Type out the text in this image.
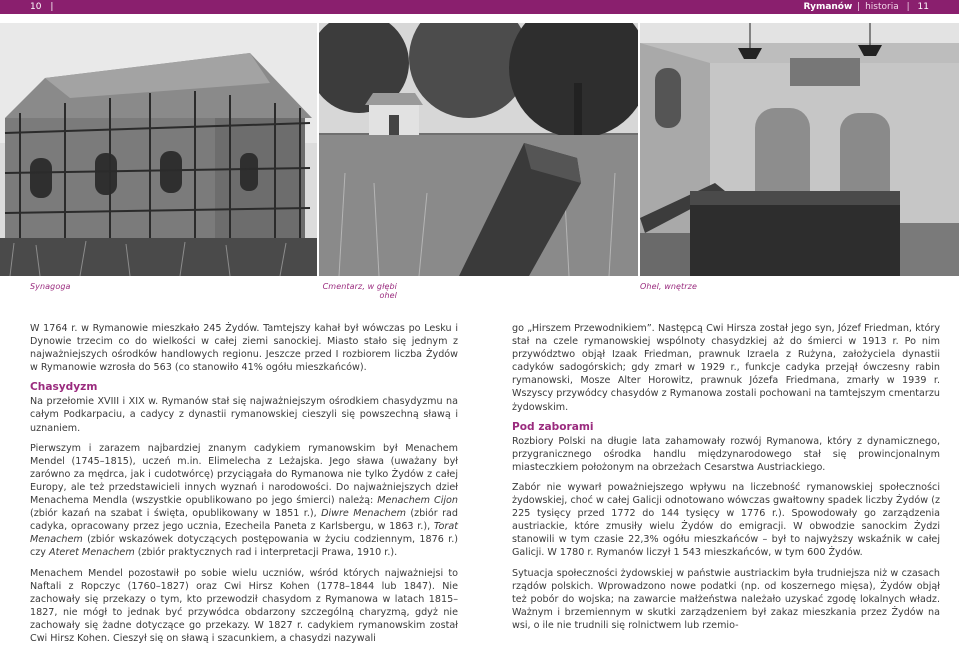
10 |	Rymanów | historia | 11
Synagoga	Cmentarz, w głębi ohel
Ohel, wnętrze

W 1764 r. w Rymanowie mieszkało 245 Żydów. Tamtejszy kahał był wówczas po Lesku i Dynowie trzecim co do wielkości w całej ziemi sanockiej. Miasto stało się jednym z najważniejszych ośrodków handlowych regionu. Jeszcze przed I rozbiorem liczba Żydów w Rymanowie wzrosła do 563 (co stanowiło 41% ogółu mieszkańców).

Chasydyzm

Na przełomie XVIII i XIX w. Rymanów stał się najważniejszym ośrodkiem chasydyzmu na całym Podkarpaciu, a cadycy z dynastii rymanowskiej cieszyli się powszechną sławą i uznaniem.

Pierwszym i zarazem najbardziej znanym cadykiem rymanowskim był Menachem Mendel (1745–1815), uczeń m.in. Elimelecha z Leżajska. Jego sława (uważany był zarówno za mędrca, jak i cudotwórcę) przyciągała do Rymanowa nie tylko Żydów z całej Europy, ale też przedstawicieli innych wyznań i narodowości. Do najważniejszych dzieł Menachema Mendla (wszystkie opublikowano po jego śmierci) należą: Menachem Cijon (zbiór kazań na szabat i święta, opublikowany w 1851 r.), Diwre Menachem (zbiór rad cadyka, opracowany przez jego ucznia, Ezecheila Paneta z Karlsbergu, w 1863 r.), Torat Menachem (zbiór wskazówek dotyczących postępowania w życiu codziennym, 1876 r.) czy Ateret Menachem (zbiór praktycznych rad i interpretacji Prawa, 1910 r.).

Menachem Mendel pozostawił po sobie wielu uczniów, wśród których najważniejsi to Naftali z Ropczyc (1760–1827) oraz Cwi Hirsz Kohen (1778–1844 lub 1847). Nie zachowały się przekazy o tym, kto przewodził chasydom z Rymanowa w latach 1815–1827, nie mógł to jednak być przywódca obdarzony szczególną charyzmą, gdyż nie zachowały się żadne dotyczące go przekazy. W 1827 r. cadykiem rymanowskim został Cwi Hirsz Kohen. Cieszył się on sławą i szacunkiem, a chasydzi nazywali

go „Hirszem Przewodnikiem”. Następcą Cwi Hirsza został jego syn, Józef Friedman, który stał na czele rymanowskiej wspólnoty chasydzkiej aż do śmierci w 1913 r. Po nim przywództwo objął Izaak Friedman, prawnuk Izraela z Rużyna, założyciela dynastii cadyków sadogórskich; gdy zmarł w 1929 r., funkcje cadyka przejął ówczesny rabin rymanowski, Mosze Alter Horowitz, prawnuk Józefa Friedmana, zmarły w 1939 r. Wszyscy przywódcy chasydów z Rymanowa zostali pochowani na tamtejszym cmentarzu żydowskim.

Pod zaborami

Rozbiory Polski na długie lata zahamowały rozwój Rymanowa, który z dynamicznego, przygranicznego ośrodka handlu międzynarodowego stał się prowincjonalnym miasteczkiem położonym na obrzeżach Cesarstwa Austriackiego.

Zabór nie wywarł poważniejszego wpływu na liczebność rymanowskiej społeczności żydowskiej, choć w całej Galicji odnotowano wówczas gwałtowny spadek liczby Żydów (z 225 tysięcy przed 1772 do 144 tysięcy w 1776 r.). Spowodowały go zarządzenia austriackie, które zmusiły wielu Żydów do emigracji. W obwodzie sanockim Żydzi stanowili w tym czasie 22,3% ogółu mieszkańców – był to najwyższy wskaźnik w całej Galicji. W 1780 r. Rymanów liczył 1 543 mieszkańców, w tym 600 Żydów.

Sytuacja społeczności żydowskiej w państwie austriackim była trudniejsza niż w czasach rządów polskich. Wprowadzono nowe podatki (np. od koszernego mięsa), Żydów objął też pobór do wojska; na zawarcie małżeństwa należało uzyskać zgodę lokalnych władz. Ważnym i brzemiennym w skutki zarządzeniem był zakaz mieszkania przez Żydów na wsi, o ile nie trudnili się rolnictwem lub rzemio-
